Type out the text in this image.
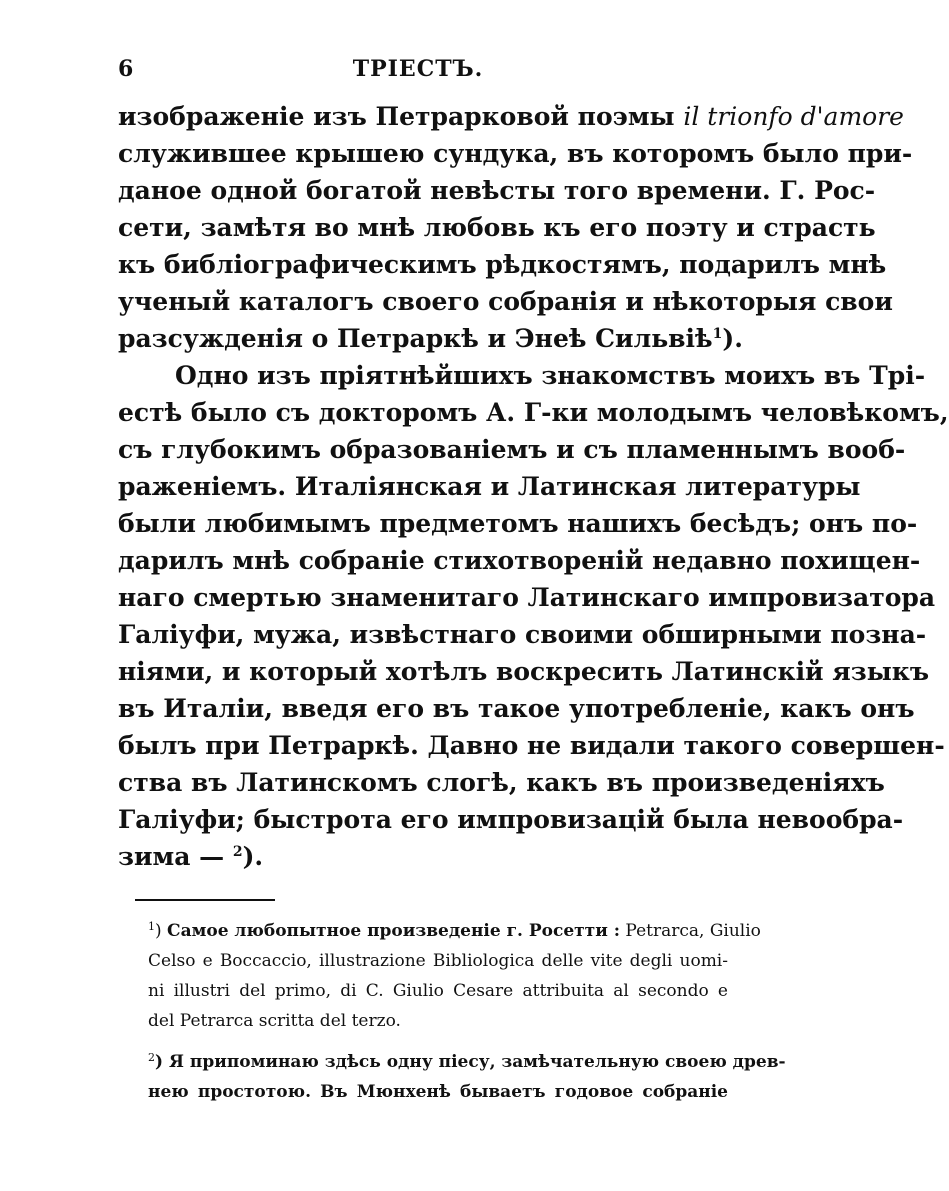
6	ТРІЕСТЪ.
изображеніе изъ Петрарковой поэмы il trionfo d'amore
служившее крышею сундука, въ которомъ было при-
даное одной богатой невѣсты того времени. Г. Рос-
сети, замѣтя во мнѣ любовь къ его поэту и страсть
къ библіографическимъ рѣдкостямъ, подарилъ мнѣ
ученый каталогъ своего собранія и нѣкоторыя свои
разсужденія о Петраркѣ и Энеѣ Сильвіѣ$^1$).
Одно изъ пріятнѣйшихъ знакомствъ моихъ въ Трі-
естѣ было съ докторомъ А. Г-ки молодымъ человѣкомъ,
съ глубокимъ образованіемъ и съ пламеннымъ вооб-
раженіемъ. Италіянская и Латинская литературы
были любимымъ предметомъ нашихъ бесѣдъ; онъ по-
дарилъ мнѣ собраніе стихотвореній недавно похищен-
наго смертью знаменитаго Латинскаго импровизатора
Галіуфи, мужа, извѣстнаго своими обширными позна-
ніями, и который хотѣлъ воскресить Латинскій языкъ
въ Италіи, введя его въ такое употребленіе, какъ онъ
былъ при Петраркѣ. Давно не видали такого совершен-
ства въ Латинскомъ слогѣ, какъ въ произведеніяхъ
Галіуфи; быстрота его импровизацій была невообра-
зима — $^2$).
$^1$) Самое любопытное произведеніе г. Росетти : Petrarca, Giulio
Celso e Boccaccio, illustrazione Bibliologica delle vite degli uomi-
ni illustri del primo, di C. Giulio Cesare attribuita al secondo e
del Petrarca scritta del terzo.
$^2$) Я припоминаю здѣсь одну піесу, замѣчательную своею древ-
нею простотою. Въ Мюнхенѣ бываетъ годовое собраніе
